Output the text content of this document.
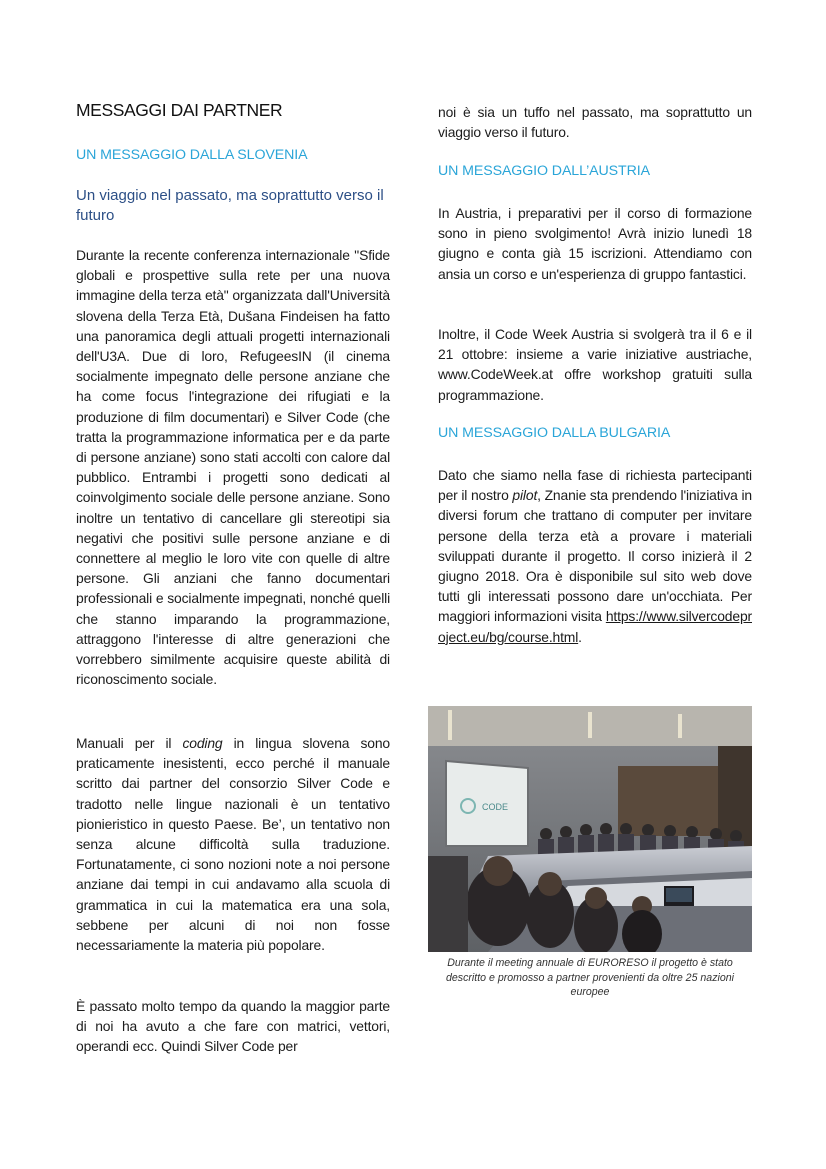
MESSAGGI DAI PARTNER
UN MESSAGGIO DALLA SLOVENIA
Un viaggio nel passato, ma soprattutto verso il futuro

Durante la recente conferenza internazionale "Sfide globali e prospettive sulla rete per una nuova immagine della terza età" organizzata dall'Università slovena della Terza Età, Dušana Findeisen ha fatto una panoramica degli attuali progetti internazionali dell'U3A. Due di loro, RefugeesIN (il cinema socialmente impegnato delle persone anziane che ha come focus l'integrazione dei rifugiati e la produzione di film documentari) e Silver Code (che tratta la programmazione informatica per e da parte di persone anziane) sono stati accolti con calore dal pubblico. Entrambi i progetti sono dedicati al coinvolgimento sociale delle persone anziane. Sono inoltre un tentativo di cancellare gli stereotipi sia negativi che positivi sulle persone anziane e di connettere al meglio le loro vite con quelle di altre persone. Gli anziani che fanno documentari professionali e socialmente impegnati, nonché quelli che stanno imparando la programmazione, attraggono l'interesse di altre generazioni che vorrebbero similmente acquisire queste abilità di riconoscimento sociale.

Manuali per il coding in lingua slovena sono praticamente inesistenti, ecco perché il manuale scritto dai partner del consorzio Silver Code e tradotto nelle lingue nazionali è un tentativo pionieristico in questo Paese. Be’, un tentativo non senza alcune difficoltà sulla traduzione. Fortunatamente, ci sono nozioni note a noi persone anziane dai tempi in cui andavamo alla scuola di grammatica in cui la matematica era una sola, sebbene per alcuni di noi non fosse necessariamente la materia più popolare.

È passato molto tempo da quando la maggior parte di noi ha avuto a che fare con matrici, vettori, operandi ecc. Quindi Silver Code per

noi è sia un tuffo nel passato, ma soprattutto un viaggio verso il futuro.

UN MESSAGGIO DALL’AUSTRIA

In Austria, i preparativi per il corso di formazione sono in pieno svolgimento! Avrà inizio lunedì 18 giugno e conta già 15 iscrizioni. Attendiamo con ansia un corso e un'esperienza di gruppo fantastici.

Inoltre, il Code Week Austria si svolgerà tra il 6 e il 21 ottobre: insieme a varie iniziative austriache, www.CodeWeek.at offre workshop gratuiti sulla programmazione.

UN MESSAGGIO DALLA BULGARIA

Dato che siamo nella fase di richiesta partecipanti per il nostro pilot, Znanie sta prendendo l'iniziativa in diversi forum che trattano di computer per invitare persone della terza età a provare i materiali sviluppati durante il progetto. Il corso inizierà il 2 giugno 2018. Ora è disponibile sul sito web dove tutti gli interessati possono dare un'occhiata. Per maggiori informazioni visita https://www.silvercodeproject.eu/bg/course.html.

CODE

Durante il meeting annuale di EURORESO il progetto è stato descritto e promosso a partner provenienti da oltre 25 nazioni europee
